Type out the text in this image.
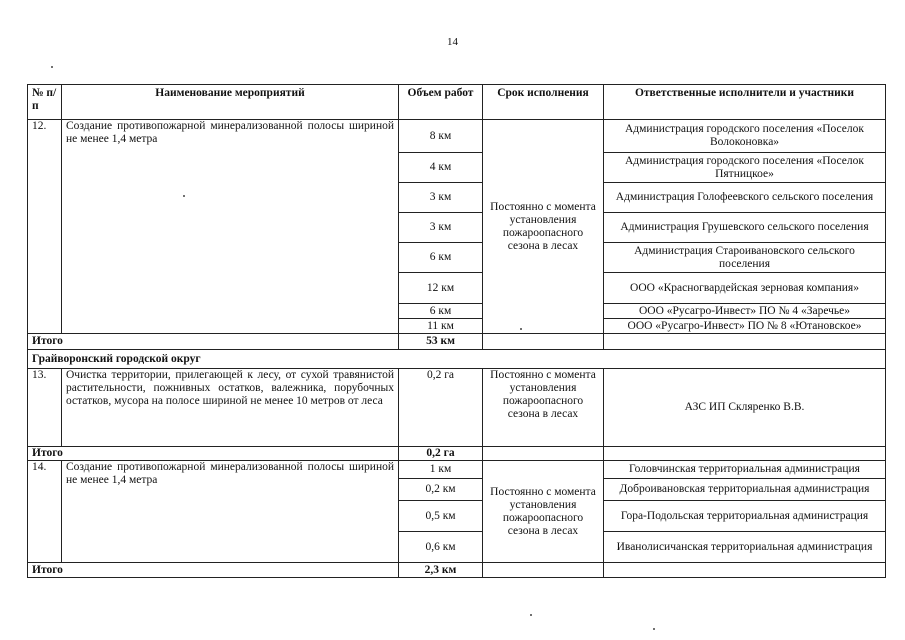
14
№ п/п	Наименование мероприятий	Объем работ	Срок исполнения	Ответственные исполнители и участники
12.	Создание противопожарной минерализованной полосы шириной не менее 1,4 метра	8 км	Постоянно с момента установления пожароопасного сезона в лесах	Администрация городского поселения «Поселок Волоконовка»
		4 км		Администрация городского поселения «Поселок Пятницкое»
		3 км		Администрация Голофеевского сельского поселения
		3 км		Администрация Грушевского сельского поселения
		6 км		Администрация Староивановского сельского поселения
		12 км		ООО «Красногвардейская зерновая компания»
		6 км		ООО «Русагро-Инвест» ПО № 4 «Заречье»
		11 км		ООО «Русагро-Инвест» ПО № 8 «Ютановское»
Итого		53 км		
Грайворонский городской округ				
13.	Очистка территории, прилегающей к лесу, от сухой травянистой растительности, пожнивных остатков, валежника, порубочных остатков, мусора на полосе шириной не менее 10 метров от леса	0,2 га	Постоянно с момента установления пожароопасного сезона в лесах	АЗС ИП Скляренко В.В.
Итого		0,2 га		
14.	Создание противопожарной минерализованной полосы шириной не менее 1,4 метра	1 км	Постоянно с момента установления пожароопасного сезона в лесах	Головчинская территориальная администрация
		0,2 км		Доброивановская территориальная администрация
		0,5 км		Гора-Подольская территориальная администрация
		0,6 км		Иванолисичанская территориальная администрация
Итого		2,3 км		
